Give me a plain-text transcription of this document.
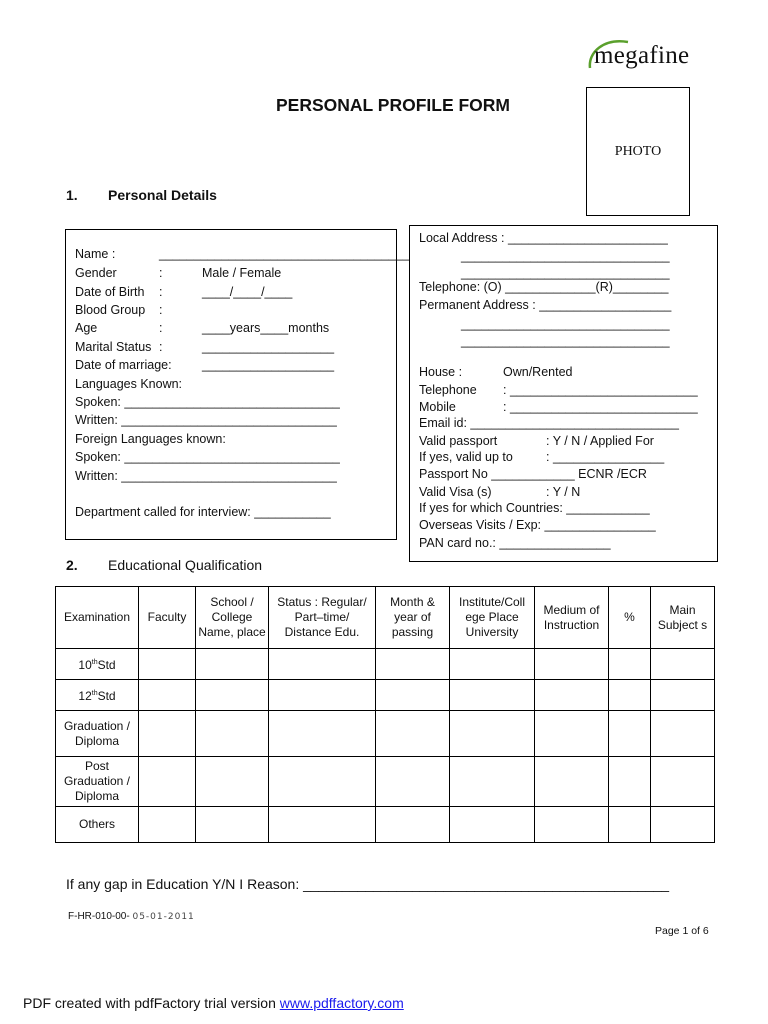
megafine
PERSONAL PROFILE FORM
PHOTO
1. Personal Details
Name :	____________________________________
Gender	:	Male / Female
Date of Birth :	____/____/____
Blood Group :
Age	:	____years____months
Marital Status :	___________________
Date of marriage: ___________________
Languages Known:
Spoken: _______________________________
Written: _______________________________
Foreign Languages known:
Spoken: _______________________________
Written: _______________________________
Department called for interview: ___________
Local Address : _______________________
______________________________
______________________________
Telephone: (O) _____________(R)________
Permanent Address : ___________________
______________________________
______________________________
House :	Own/Rented
Telephone : ___________________________
Mobile	: ___________________________
Email id: ______________________________
Valid passport	: Y / N / Applied For
If yes, valid up to	: ________________
Passport No ____________ ECNR /ECR
Valid Visa (s)	: Y / N
If yes for which Countries: ____________
Overseas Visits / Exp: ________________
PAN card no.: ________________
2. Educational Qualification
Examination	Faculty	School / College Name, place	Status : Regular/ Part–time/ Distance Edu.	Month & year of passing	Institute/Coll ege Place University	Medium of Instruction	%	Main Subject s
10thStd								
12thStd								
Graduation / Diploma								
Post Graduation / Diploma								
Others								
If any gap in Education Y/N I Reason: _______________________________________________
F-HR-010-00- 05-01-2011
Page 1 of 6
PDF created with pdfFactory trial version www.pdffactory.com
